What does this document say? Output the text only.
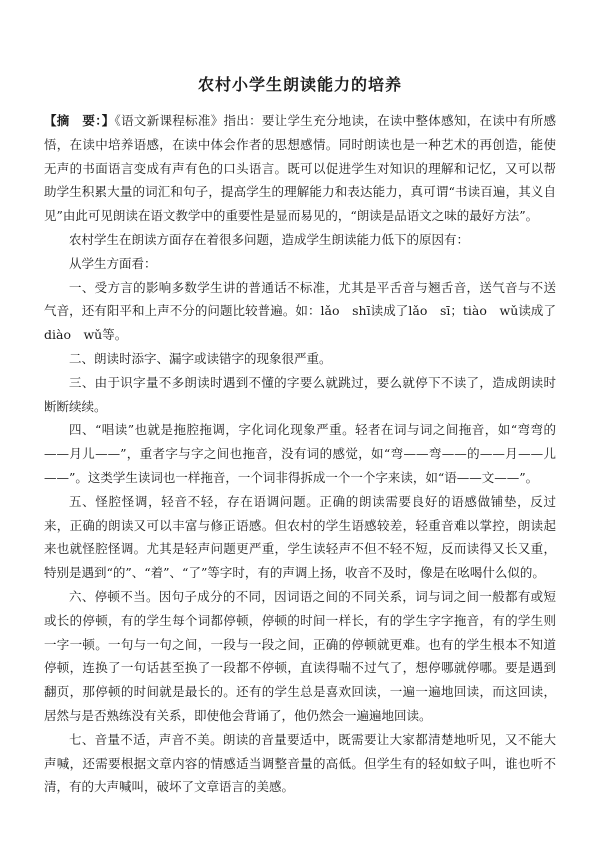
农村小学生朗读能力的培养

【摘　要：】《语文新课程标准》指出：要让学生充分地读，在读中整体感知，在读中有所感悟，在读中培养语感，在读中体会作者的思想感情。同时朗读也是一种艺术的再创造，能使无声的书面语言变成有声有色的口头语言。既可以促进学生对知识的理解和记忆，又可以帮助学生积累大量的词汇和句子，提高学生的理解能力和表达能力，真可谓“书读百遍，其义自见”由此可见朗读在语文教学中的重要性是显而易见的，“朗读是品语文之味的最好方法”。

农村学生在朗读方面存在着很多问题，造成学生朗读能力低下的原因有：

从学生方面看：

一、受方言的影响多数学生讲的普通话不标准，尤其是平舌音与翘舌音，送气音与不送气音，还有阳平和上声不分的问题比较普遍。如：lǎo　shī读成了lǎo　sī；tiào　wǔ读成了diào　wǔ等。

二、朗读时添字、漏字或读错字的现象很严重。

三、由于识字量不多朗读时遇到不懂的字要么就跳过，要么就停下不读了，造成朗读时断断续续。

四、“唱读”也就是拖腔拖调，字化词化现象严重。轻者在词与词之间拖音，如“弯弯的——月儿——”，重者字与字之间也拖音，没有词的感觉，如“弯——弯——的——月——儿——”。这类学生读词也一样拖音，一个词非得拆成一个一个字来读，如“语——文——”。

五、怪腔怪调，轻音不轻，存在语调问题。正确的朗读需要良好的语感做铺垫，反过来，正确的朗读又可以丰富与修正语感。但农村的学生语感较差，轻重音难以掌控，朗读起来也就怪腔怪调。尤其是轻声问题更严重，学生读轻声不但不轻不短，反而读得又长又重，特别是遇到“的”、“着”、“了”等字时，有的声调上扬，收音不及时，像是在吆喝什么似的。

六、停顿不当。因句子成分的不同，因词语之间的不同关系，词与词之间一般都有或短或长的停顿，有的学生每个词都停顿，停顿的时间一样长，有的学生字字拖音，有的学生则一字一顿。一句与一句之间，一段与一段之间，正确的停顿就更难。也有的学生根本不知道停顿，连换了一句话甚至换了一段都不停顿，直读得喘不过气了，想停哪就停哪。要是遇到翻页，那停顿的时间就是最长的。还有的学生总是喜欢回读，一遍一遍地回读，而这回读，居然与是否熟练没有关系，即使他会背诵了，他仍然会一遍遍地回读。

七、音量不适，声音不美。朗读的音量要适中，既需要让大家都清楚地听见，又不能大声喊，还需要根据文章内容的情感适当调整音量的高低。但学生有的轻如蚊子叫，谁也听不清，有的大声喊叫，破坏了文章语言的美感。
